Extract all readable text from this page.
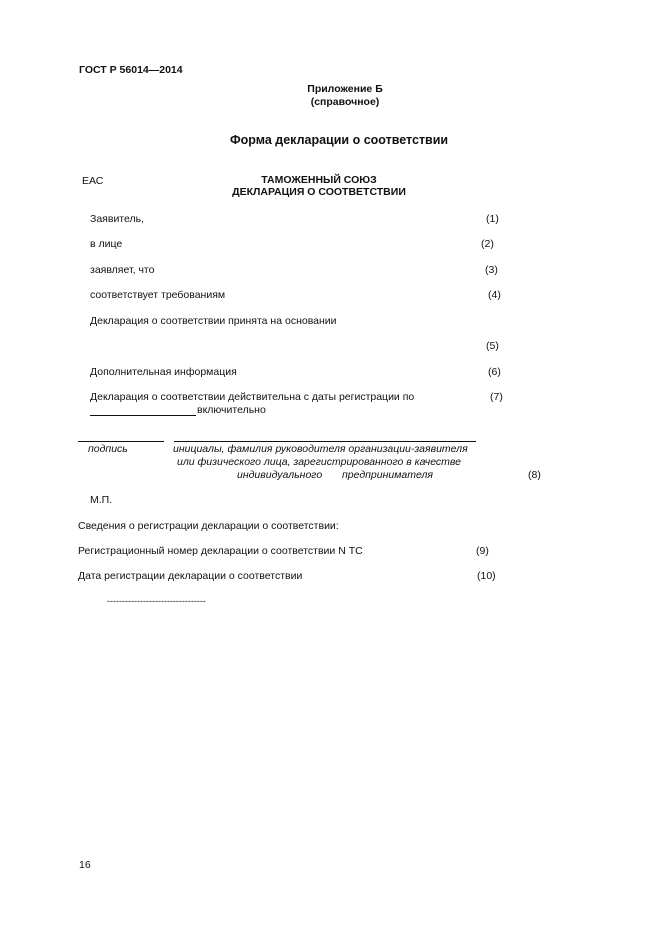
ГОСТ Р 56014—2014
Приложение Б
(справочное)
Форма декларации о соответствии
ЕАС	ТАМОЖЕННЫЙ СОЮЗ
ДЕКЛАРАЦИЯ О СООТВЕТСТВИИ
Заявитель,	(1)
в лице	(2)
заявляет, что	(3)
соответствует требованиям	(4)
Декларация о соответствии принята на основании
(5)
Дополнительная информация	(6)
Декларация о соответствии действительна с даты регистрации по	(7)
включительно
подпись	инициалы, фамилия руководителя организации-заявителя
или физического лица, зарегистрированного в качестве
индивидуального предпринимателя	(8)
М.П.
Сведения о регистрации декларации о соответствии:
Регистрационный номер декларации о соответствии N ТС	(9)
Дата регистрации декларации о соответствии	(10)
---------------------------------
16
